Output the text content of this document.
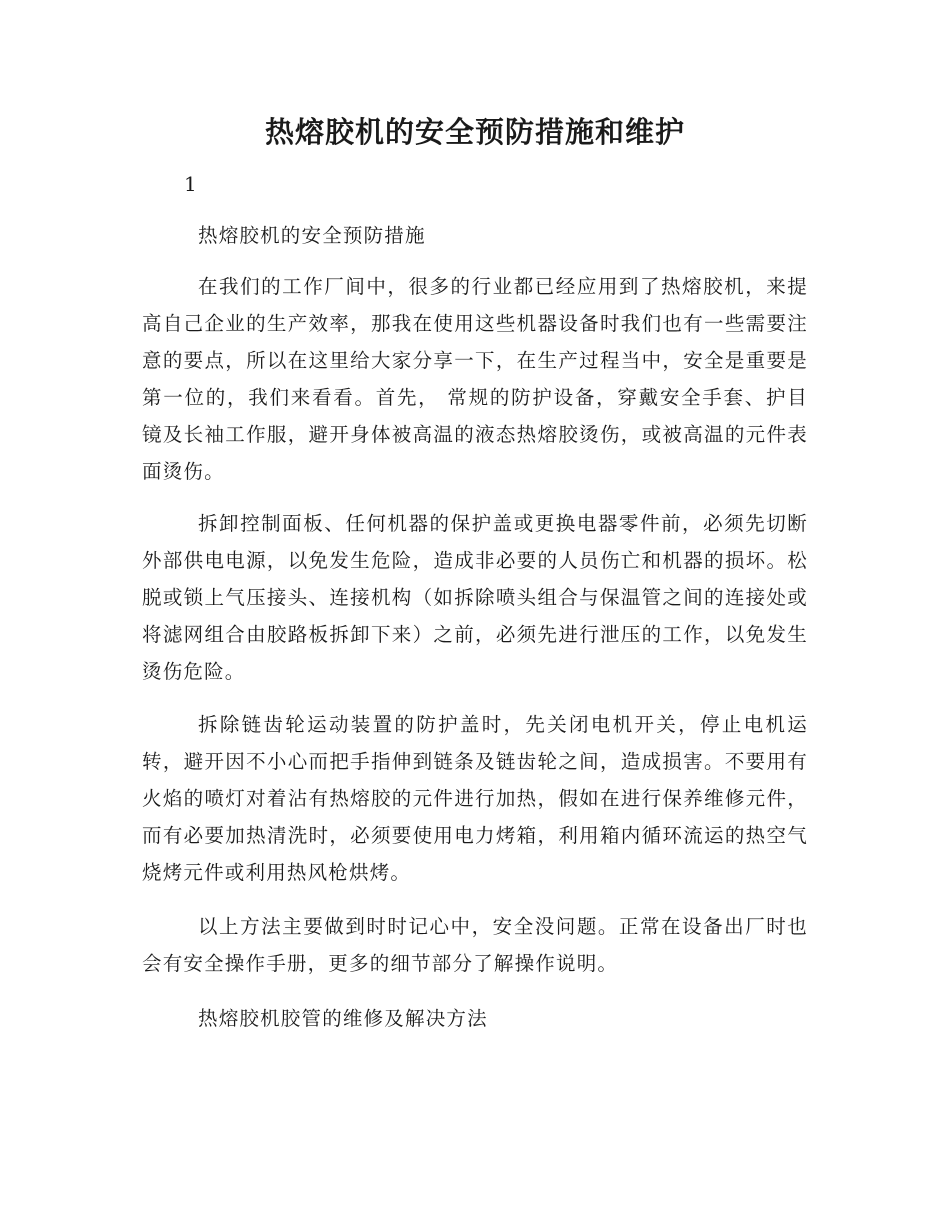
热熔胶机的安全预防措施和维护
1

热熔胶机的安全预防措施

在我们的工作厂间中，很多的行业都已经应用到了热熔胶机，来提高自己企业的生产效率，那我在使用这些机器设备时我们也有一些需要注意的要点，所以在这里给大家分享一下，在生产过程当中，安全是重要是第一位的，我们来看看。首先， 常规的防护设备，穿戴安全手套、护目镜及长袖工作服，避开身体被高温的液态热熔胶烫伤，或被高温的元件表面烫伤。

拆卸控制面板、任何机器的保护盖或更换电器零件前，必须先切断外部供电电源，以免发生危险，造成非必要的人员伤亡和机器的损坏。松脱或锁上气压接头、连接机构（如拆除喷头组合与保温管之间的连接处或将滤网组合由胶路板拆卸下来）之前，必须先进行泄压的工作，以免发生烫伤危险。

拆除链齿轮运动装置的防护盖时，先关闭电机开关，停止电机运转，避开因不小心而把手指伸到链条及链齿轮之间，造成损害。不要用有火焰的喷灯对着沾有热熔胶的元件进行加热，假如在进行保养维修元件，而有必要加热清洗时，必须要使用电力烤箱，利用箱内循环流运的热空气烧烤元件或利用热风枪烘烤。

以上方法主要做到时时记心中，安全没问题。正常在设备出厂时也会有安全操作手册，更多的细节部分了解操作说明。

热熔胶机胶管的维修及解决方法
